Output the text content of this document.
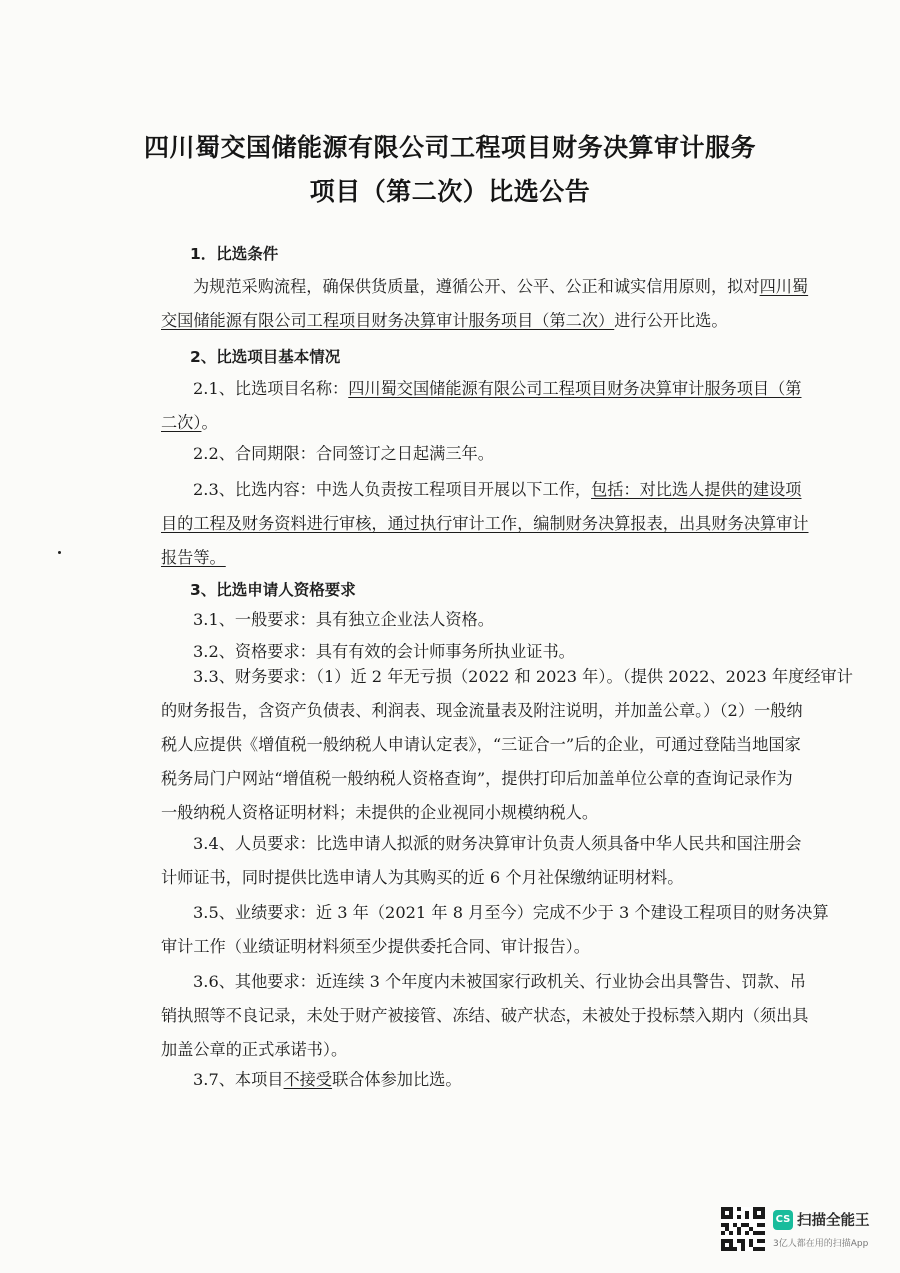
四川蜀交国储能源有限公司工程项目财务决算审计服务
项目（第二次）比选公告
1．比选条件
为规范采购流程，确保供货质量，遵循公开、公平、公正和诚实信用原则，拟对四川蜀
交国储能源有限公司工程项目财务决算审计服务项目（第二次）进行公开比选。
2、比选项目基本情况
2.1、比选项目名称：四川蜀交国储能源有限公司工程项目财务决算审计服务项目（第
二次）。
2.2、合同期限：合同签订之日起满三年。
2.3、比选内容：中选人负责按工程项目开展以下工作，包括：对比选人提供的建设项
目的工程及财务资料进行审核，通过执行审计工作，编制财务决算报表，出具财务决算审计
报告等。
3、比选申请人资格要求
3.1、一般要求：具有独立企业法人资格。
3.2、资格要求：具有有效的会计师事务所执业证书。
3.3、财务要求：（1）近 2 年无亏损（2022 和 2023 年）。（提供 2022、2023 年度经审计
的财务报告，含资产负债表、利润表、现金流量表及附注说明，并加盖公章。）（2）一般纳
税人应提供《增值税一般纳税人申请认定表》，“三证合一”后的企业，可通过登陆当地国家
税务局门户网站“增值税一般纳税人资格查询”，提供打印后加盖单位公章的查询记录作为
一般纳税人资格证明材料；未提供的企业视同小规模纳税人。
3.4、人员要求：比选申请人拟派的财务决算审计负责人须具备中华人民共和国注册会
计师证书，同时提供比选申请人为其购买的近 6 个月社保缴纳证明材料。
3.5、业绩要求：近 3 年（2021 年 8 月至今）完成不少于 3 个建设工程项目的财务决算
审计工作（业绩证明材料须至少提供委托合同、审计报告）。
3.6、其他要求：近连续 3 个年度内未被国家行政机关、行业协会出具警告、罚款、吊
销执照等不良记录，未处于财产被接管、冻结、破产状态，未被处于投标禁入期内（须出具
加盖公章的正式承诺书）。
3.7、本项目不接受联合体参加比选。
CS 扫描全能王
3亿人都在用的扫描App
